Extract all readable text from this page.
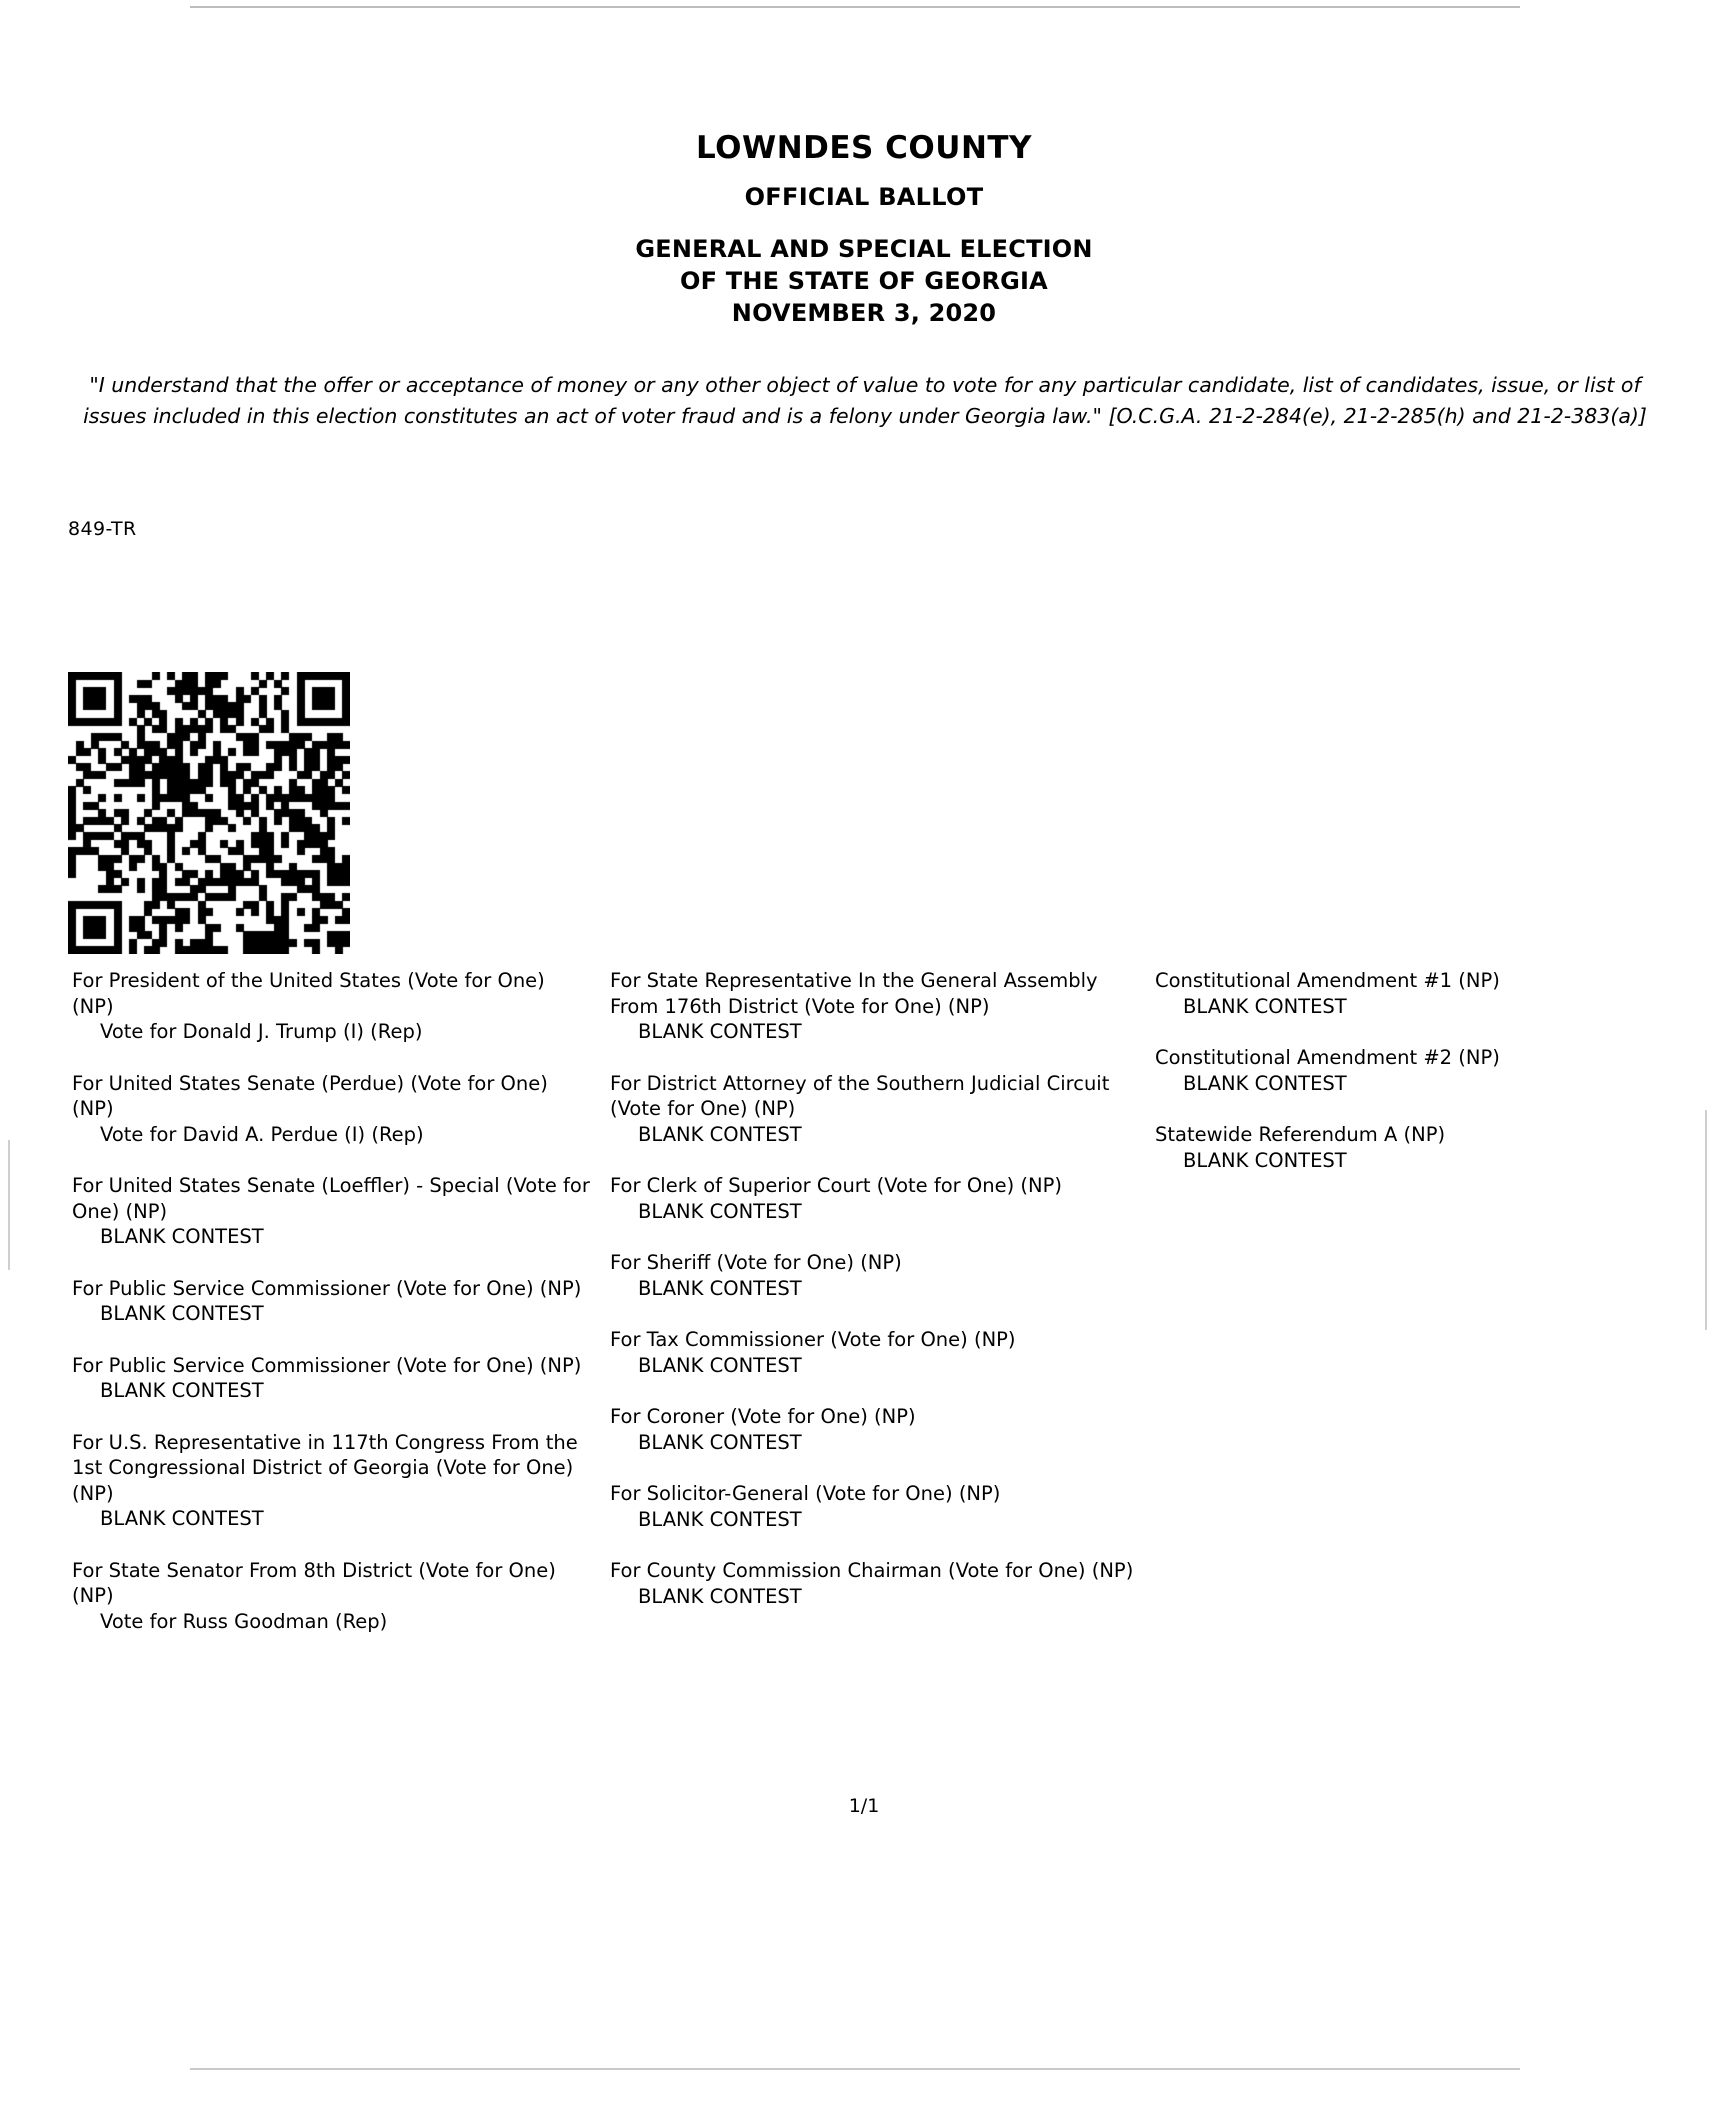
LOWNDES COUNTY
OFFICIAL BALLOT
GENERAL AND SPECIAL ELECTION
OF THE STATE OF GEORGIA
NOVEMBER 3, 2020
"I understand that the offer or acceptance of money or any other object of value to vote for any particular candidate, list of candidates, issue, or list of issues included in this election constitutes an act of voter fraud and is a felony under Georgia law." [O.C.G.A. 21-2-284(e), 21-2-285(h) and 21-2-383(a)]
849-TR
For President of the United States (Vote for One) (NP)
Vote for Donald J. Trump (I) (Rep)
For United States Senate (Perdue) (Vote for One) (NP)
Vote for David A. Perdue (I) (Rep)
For United States Senate (Loeffler) - Special (Vote for One) (NP)
BLANK CONTEST
For Public Service Commissioner (Vote for One) (NP)
BLANK CONTEST
For Public Service Commissioner (Vote for One) (NP)
BLANK CONTEST
For U.S. Representative in 117th Congress From the 1st Congressional District of Georgia (Vote for One) (NP)
BLANK CONTEST
For State Senator From 8th District (Vote for One) (NP)
Vote for Russ Goodman (Rep)
For State Representative In the General Assembly From 176th District (Vote for One) (NP)
BLANK CONTEST
For District Attorney of the Southern Judicial Circuit (Vote for One) (NP)
BLANK CONTEST
For Clerk of Superior Court (Vote for One) (NP)
BLANK CONTEST
For Sheriff (Vote for One) (NP)
BLANK CONTEST
For Tax Commissioner (Vote for One) (NP)
BLANK CONTEST
For Coroner (Vote for One) (NP)
BLANK CONTEST
For Solicitor-General (Vote for One) (NP)
BLANK CONTEST
For County Commission Chairman (Vote for One) (NP)
BLANK CONTEST
Constitutional Amendment #1 (NP)
BLANK CONTEST
Constitutional Amendment #2 (NP)
BLANK CONTEST
Statewide Referendum A (NP)
BLANK CONTEST
1/1
